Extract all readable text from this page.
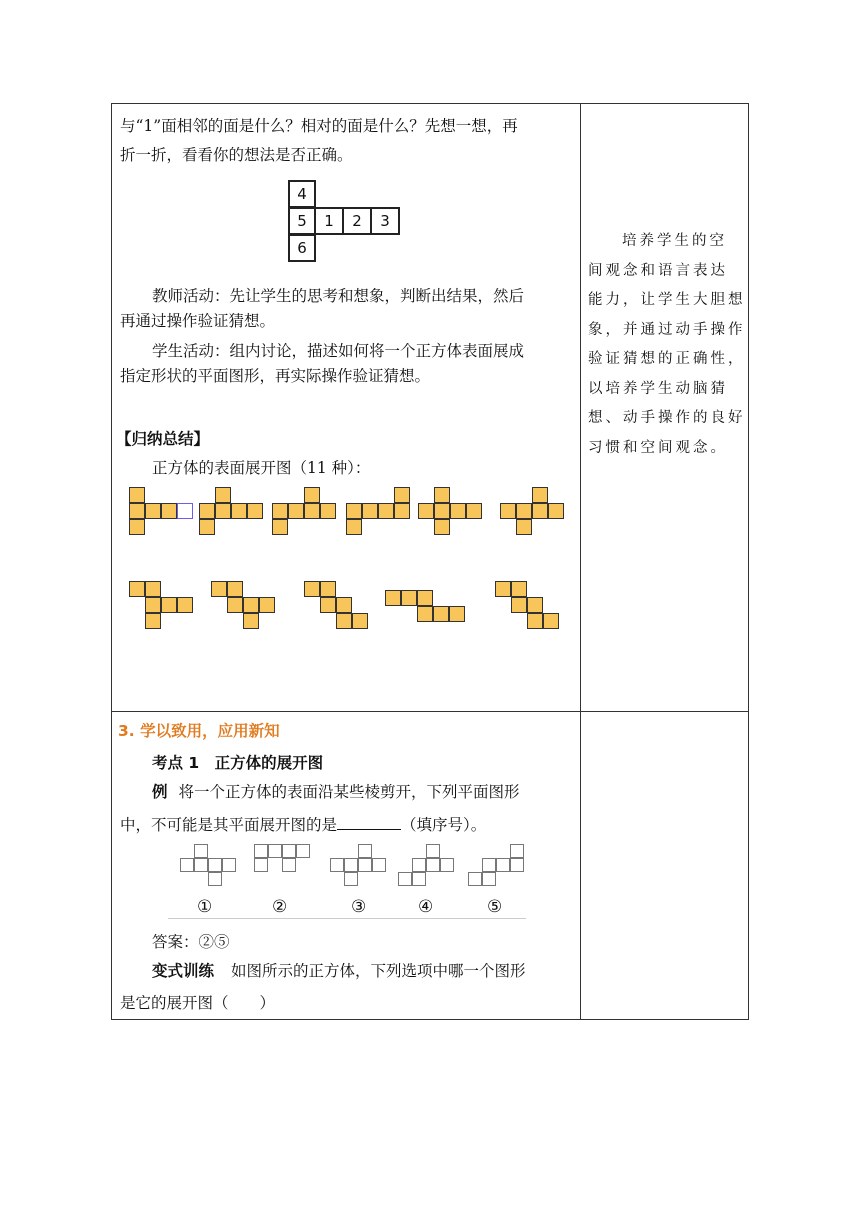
与“1”面相邻的面是什么？相对的面是什么？先想一想，再
折一折，看看你的想法是否正确。
4
5	1	2	3
6
教师活动：先让学生的思考和想象，判断出结果，然后
再通过操作验证猜想。
学生活动：组内讨论，描述如何将一个正方体表面展成
指定形状的平面图形，再实际操作验证猜想。
【归纳总结】
正方体的表面展开图（11 种）：
培养学生的空
间观念和语言表达
能力，让学生大胆想
象，并通过动手操作
验证猜想的正确性，
以培养学生动脑猜
想、动手操作的良好
习惯和空间观念。
3. 学以致用，应用新知
考点 1　正方体的展开图
例 将一个正方体的表面沿某些棱剪开，下列平面图形
中，不可能是其平面展开图的是	（填序号）。
①	②	③	④	⑤
答案：②⑤
变式训练 如图所示的正方体，下列选项中哪一个图形
是它的展开图（　　）
